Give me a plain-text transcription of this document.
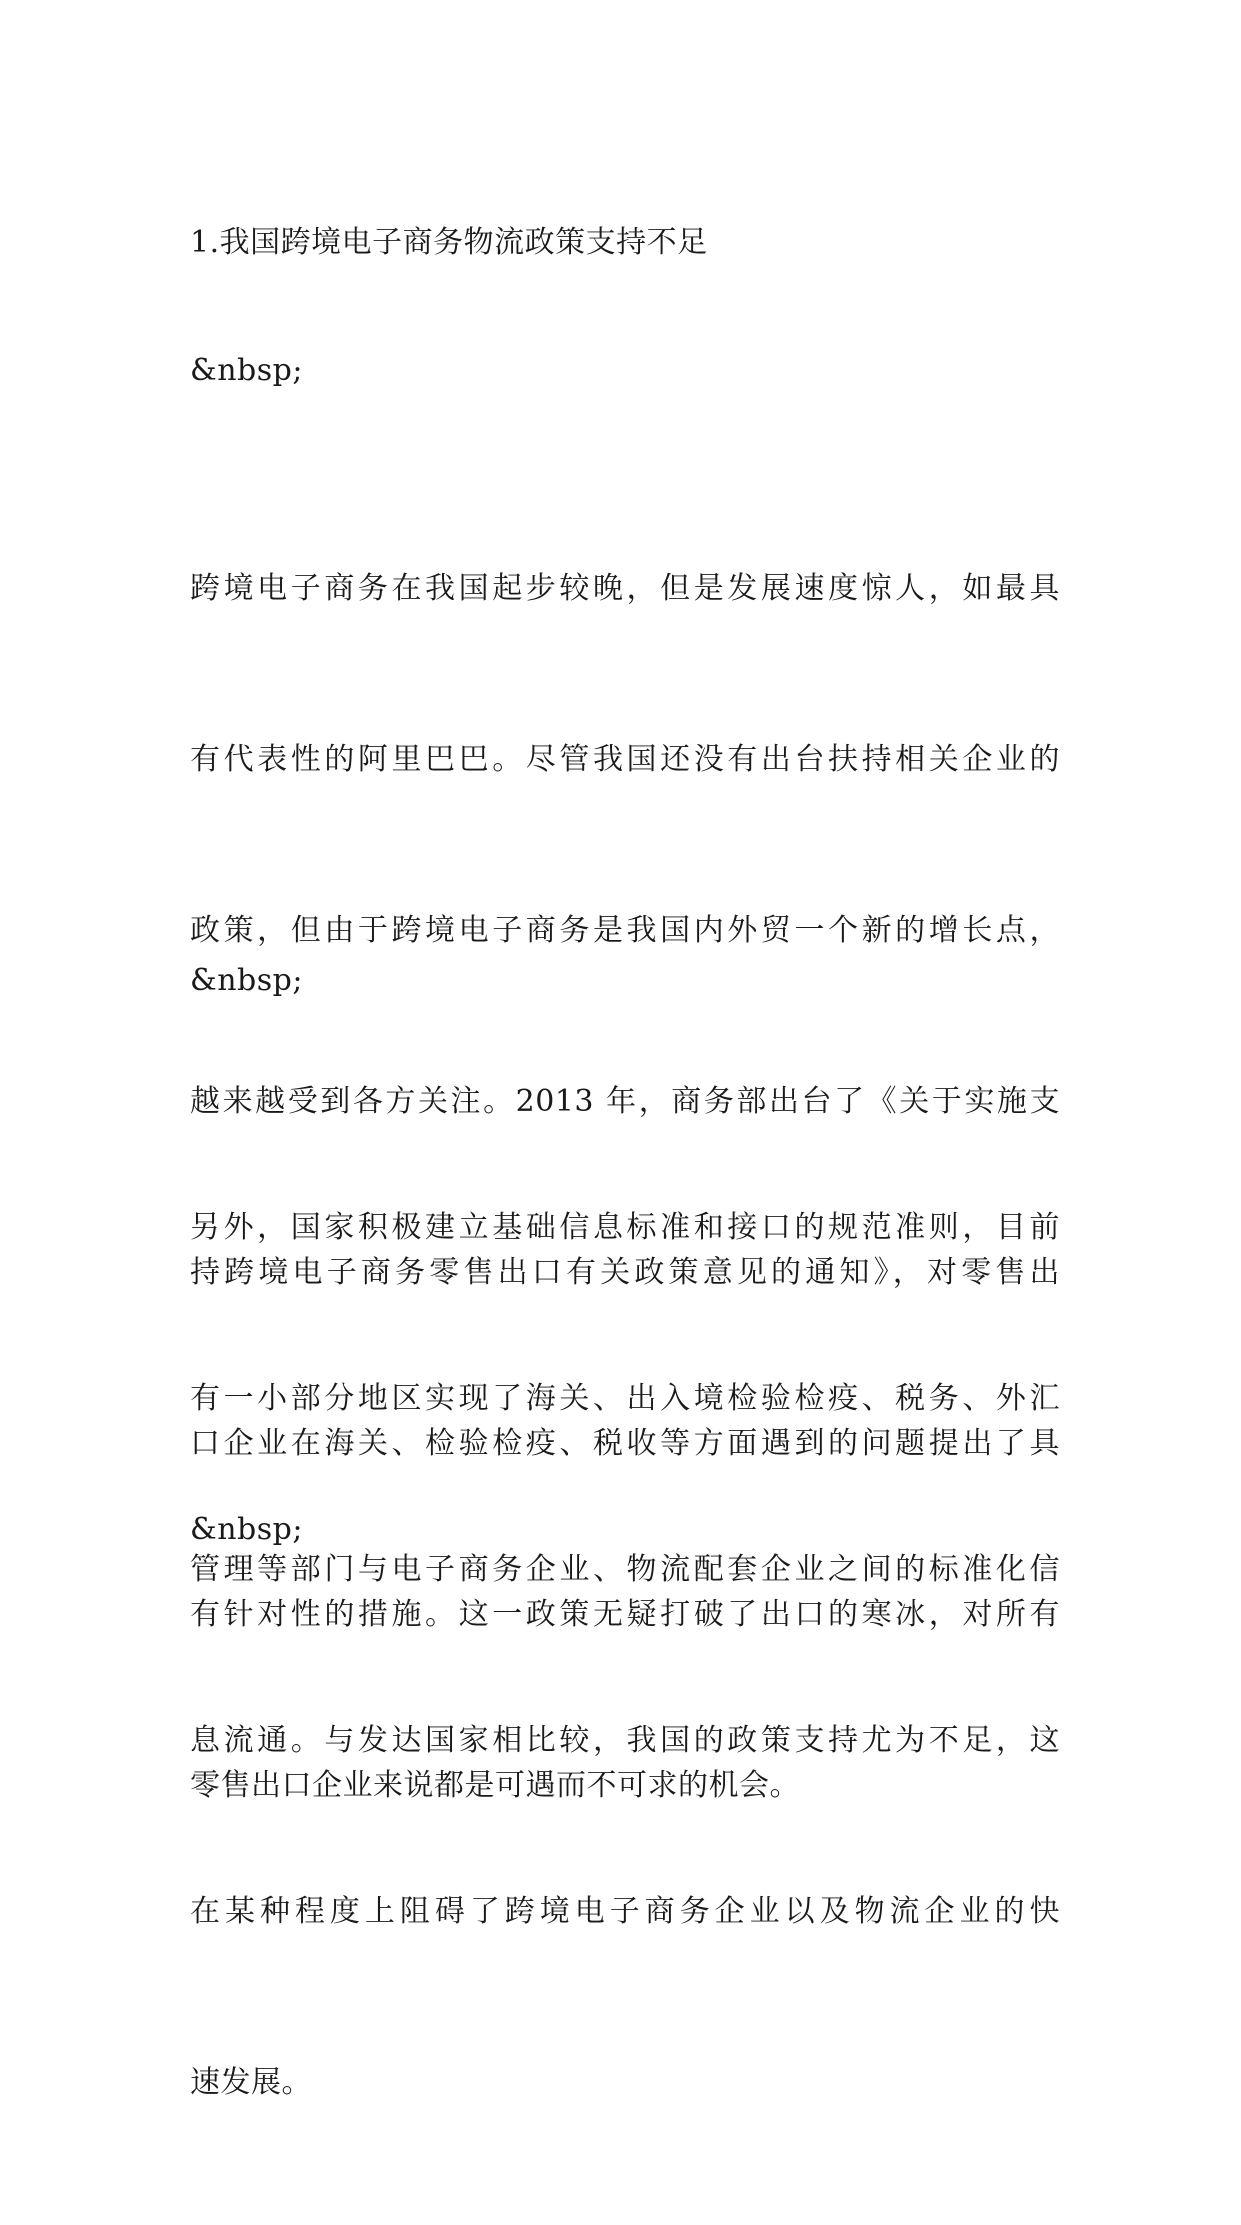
1.我国跨境电子商务物流政策支持不足

&nbsp;

跨境电子商务在我国起步较晚，但是发展速度惊人，如最具

有代表性的阿里巴巴。尽管我国还没有出台扶持相关企业的

政策，但由于跨境电子商务是我国内外贸一个新的增长点，

越来越受到各方关注。2013 年，商务部出台了《关于实施支

持跨境电子商务零售出口有关政策意见的通知》，对零售出

口企业在海关、检验检疫、税收等方面遇到的问题提出了具

有针对性的措施。这一政策无疑打破了出口的寒冰，对所有

零售出口企业来说都是可遇而不可求的机会。

&nbsp;

另外，国家积极建立基础信息标准和接口的规范准则，目前

有一小部分地区实现了海关、出入境检验检疫、税务、外汇

管理等部门与电子商务企业、物流配套企业之间的标准化信

息流通。与发达国家相比较，我国的政策支持尤为不足，这

在某种程度上阻碍了跨境电子商务企业以及物流企业的快

速发展。

&nbsp;
